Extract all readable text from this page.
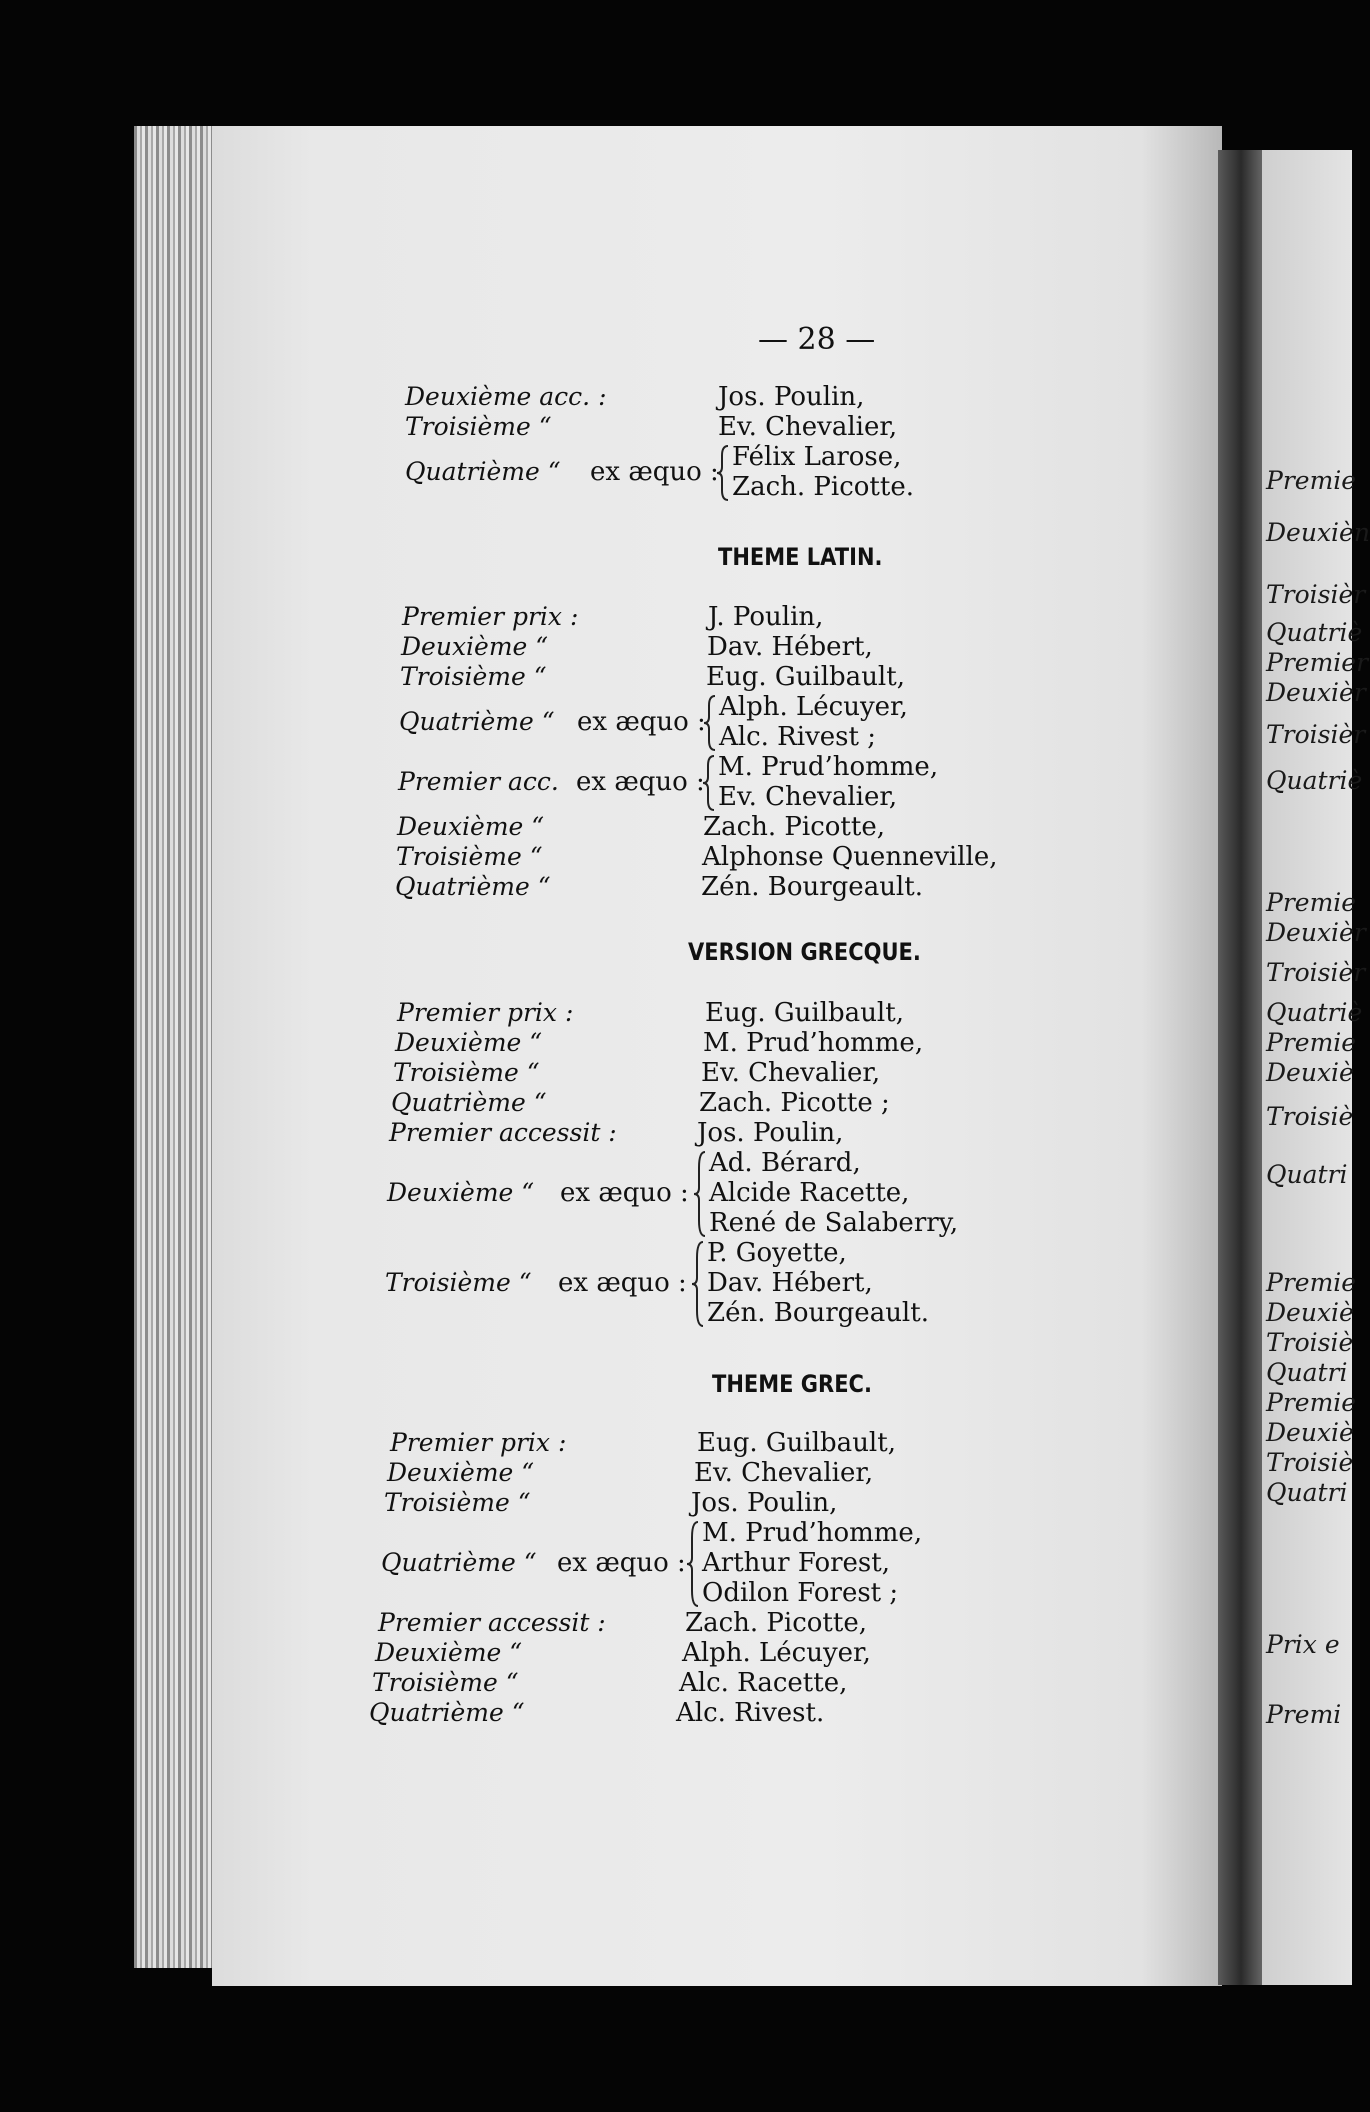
Premie
Deuxièn
Troisièr
Quatriè
Premier
Deuxièr
Troisièr
Quatriè
Premie
Deuxièr
Troisièr
Quatriè
Premie
Deuxiè
Troisiè
Quatri
Premie
Deuxiè
Troisiè
Quatri
Premie
Deuxiè
Troisiè
Quatri
Prix e
Premi
— 28 —
Deuxième acc. :	Jos. Poulin,
Troisième “	Ev. Chevalier,
Quatrième “ ex æquo : Félix Larose,
Zach. Picotte.
THEME LATIN.
Premier prix :	J. Poulin,
Deuxième “	Dav. Hébert,
Troisième “	Eug. Guilbault,
Quatrième “ ex æquo : Alph. Lécuyer,
Alc. Rivest ;
Premier acc. ex æquo : M. Prud’homme,
Ev. Chevalier,
Deuxième “	Zach. Picotte,
Troisième “	Alphonse Quenneville,
Quatrième “	Zén. Bourgeault.
VERSION GRECQUE.
Premier prix :	Eug. Guilbault,
Deuxième “	M. Prud’homme,
Troisième “	Ev. Chevalier,
Quatrième “	Zach. Picotte ;
Premier accessit :	Jos. Poulin,
Deuxième “ ex æquo :
Ad. Bérard,
Alcide Racette,
René de Salaberry,
Troisième “ ex æquo :
P. Goyette,
Dav. Hébert,
Zén. Bourgeault.
THEME GREC.
Premier prix :	Eug. Guilbault,
Deuxième “	Ev. Chevalier,
Troisième “	Jos. Poulin,
Quatrième “ ex æquo :
M. Prud’homme,
Arthur Forest,
Odilon Forest ;
Premier accessit :	Zach. Picotte,
Deuxième “	Alph. Lécuyer,
Troisième “	Alc. Racette,
Quatrième “	Alc. Rivest.
